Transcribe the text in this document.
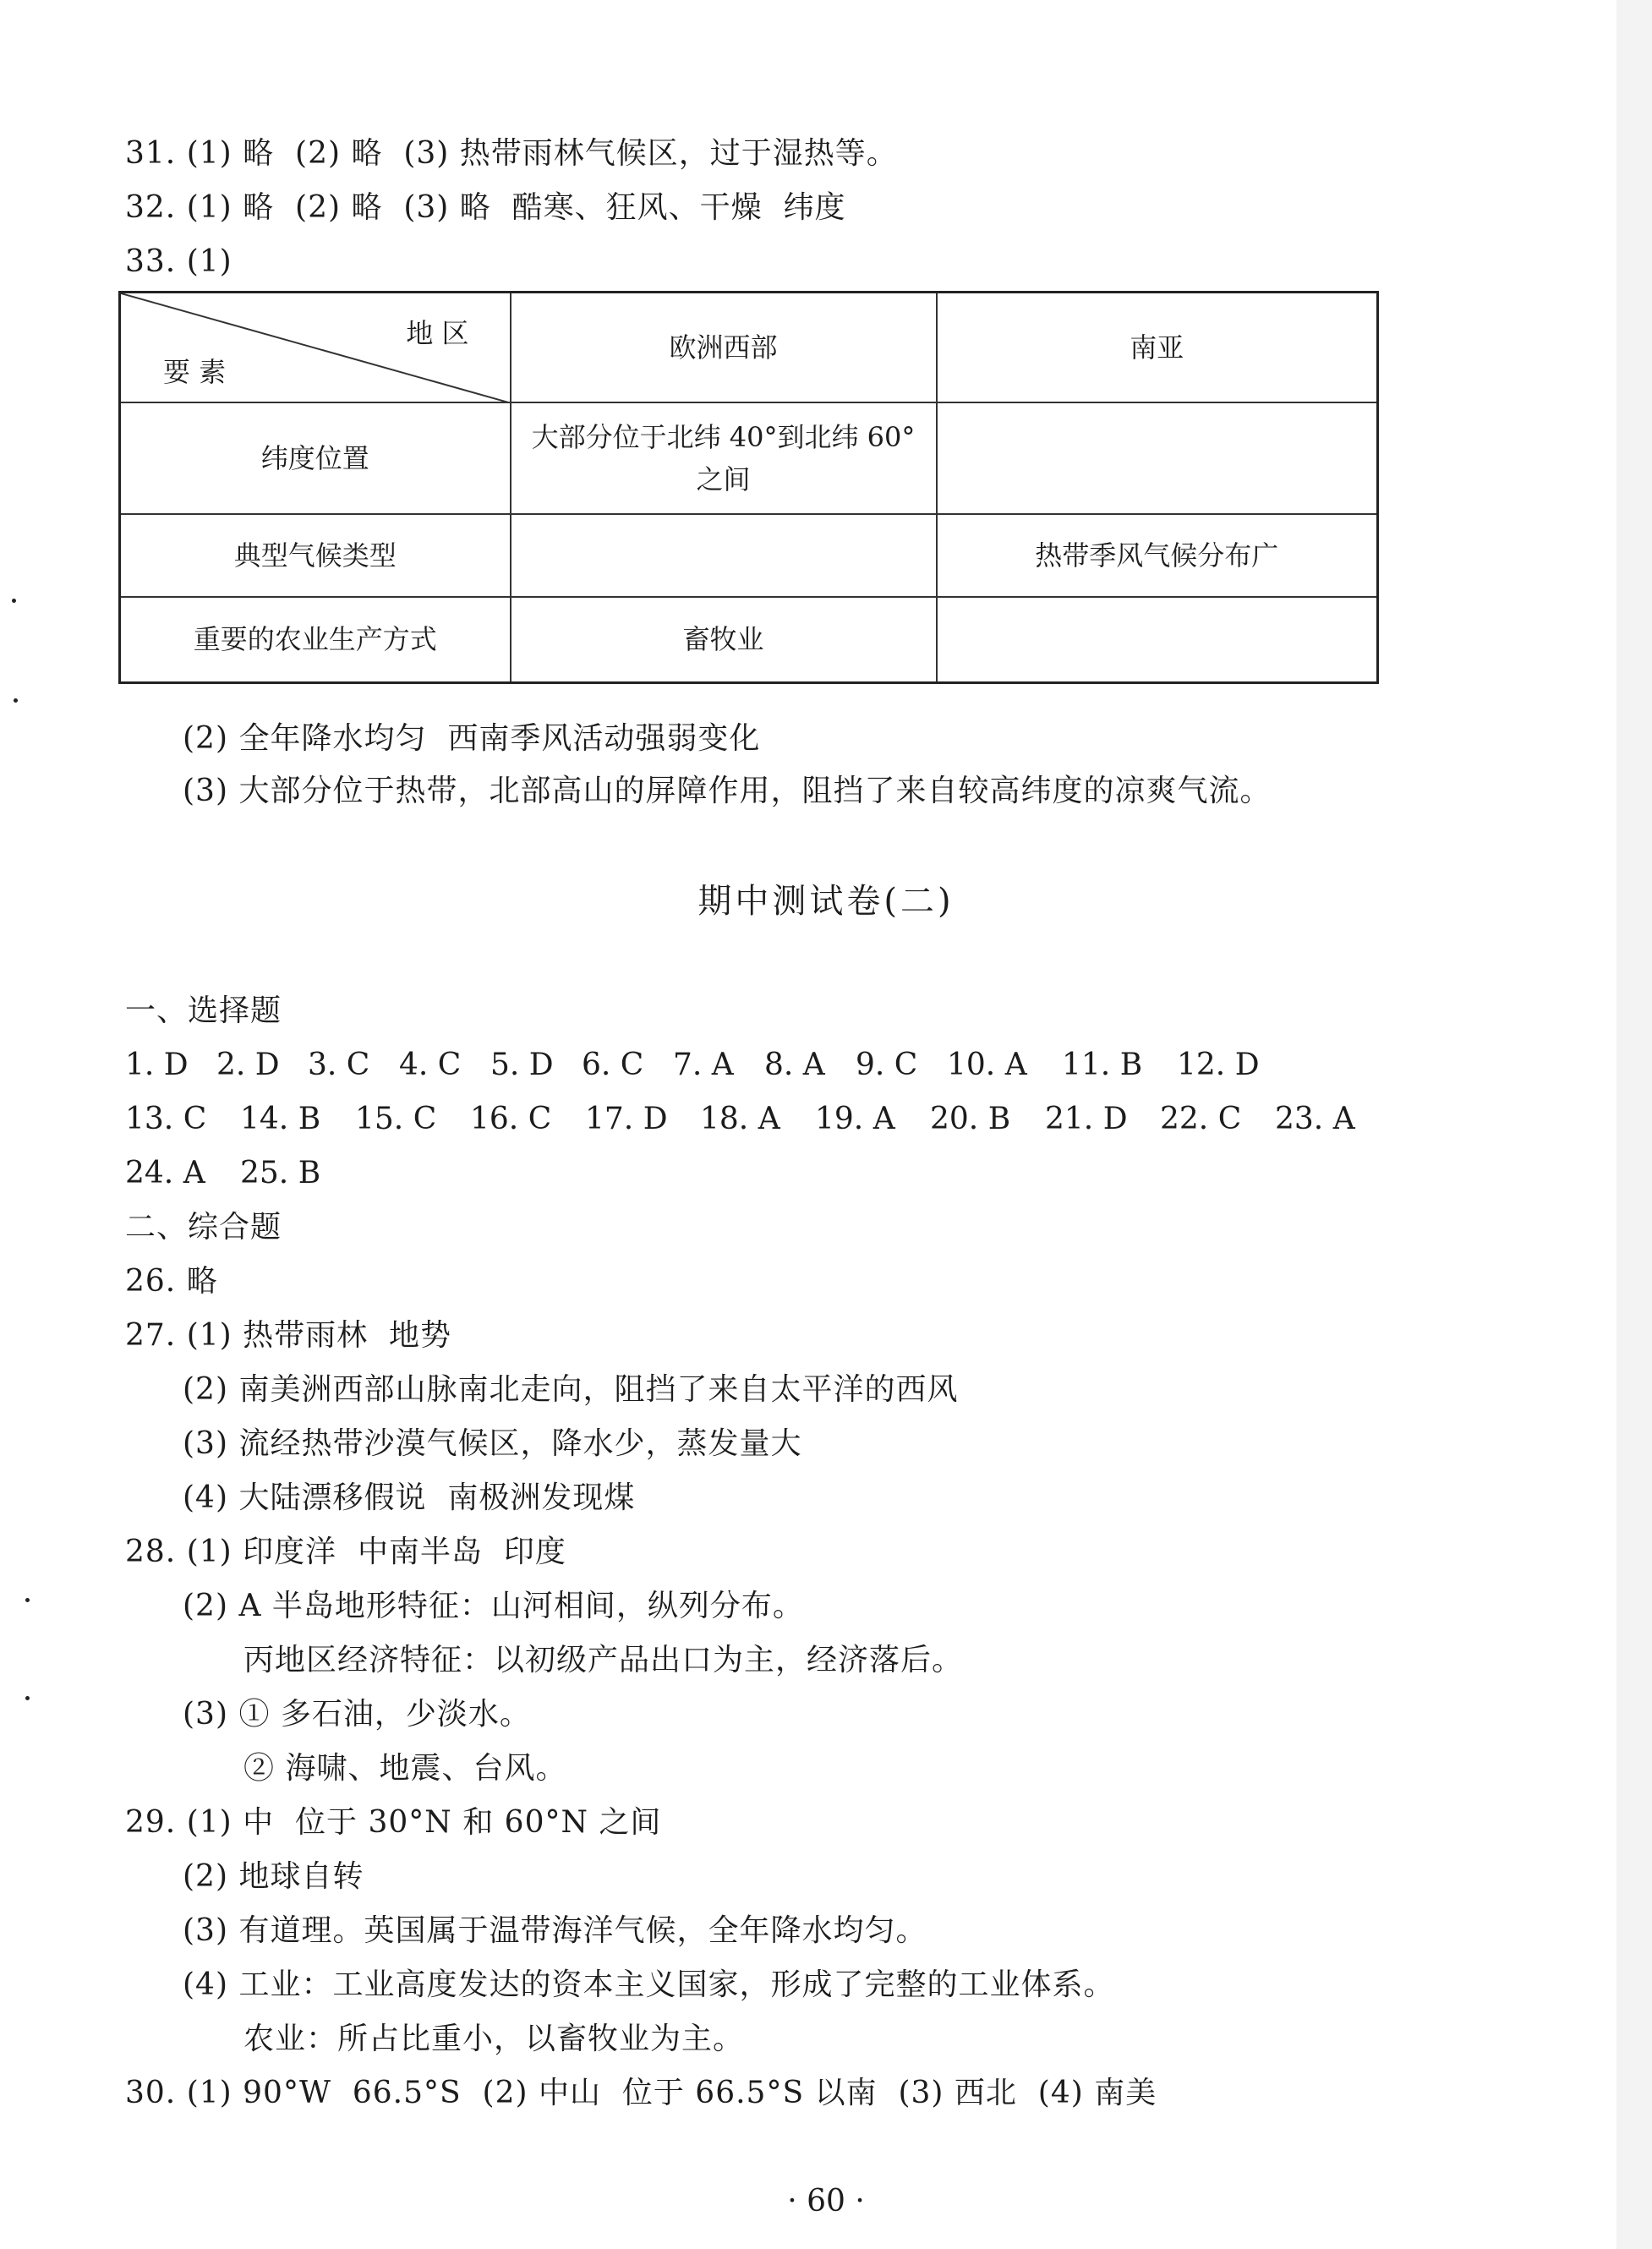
31. (1) 略  (2) 略  (3) 热带雨林气候区，过于湿热等。
32. (1) 略  (2) 略  (3) 略  酷寒、狂风、干燥  纬度
33. (1)
地 区
要 素	欧洲西部	南亚
纬度位置	大部分位于北纬 40°到北纬 60°之间	
典型气候类型		热带季风气候分布广
重要的农业生产方式	畜牧业	
(2) 全年降水均匀  西南季风活动强弱变化
(3) 大部分位于热带，北部高山的屏障作用，阻挡了来自较高纬度的凉爽气流。
期中测试卷(二)
一、选择题
1. D 2. D 3. C 4. C 5. D 6. C 7. A	8. A	9. C 10. A	11. B	12. D
13. C	14. B	15. C	16. C	17. D	18. A	19. A	20. B	21. D	22. C	23. A
24. A	25. B
二、综合题
26. 略
27. (1) 热带雨林  地势
(2) 南美洲西部山脉南北走向，阻挡了来自太平洋的西风
(3) 流经热带沙漠气候区，降水少，蒸发量大
(4) 大陆漂移假说  南极洲发现煤
28. (1) 印度洋  中南半岛  印度
(2) A 半岛地形特征：山河相间，纵列分布。
丙地区经济特征：以初级产品出口为主，经济落后。
(3) ① 多石油，少淡水。
② 海啸、地震、台风。
29. (1) 中  位于 30°N 和 60°N 之间
(2) 地球自转
(3) 有道理。英国属于温带海洋气候，全年降水均匀。
(4) 工业：工业高度发达的资本主义国家，形成了完整的工业体系。
农业：所占比重小，以畜牧业为主。
30. (1) 90°W  66.5°S  (2) 中山  位于 66.5°S 以南  (3) 西北  (4) 南美
· 60 ·
